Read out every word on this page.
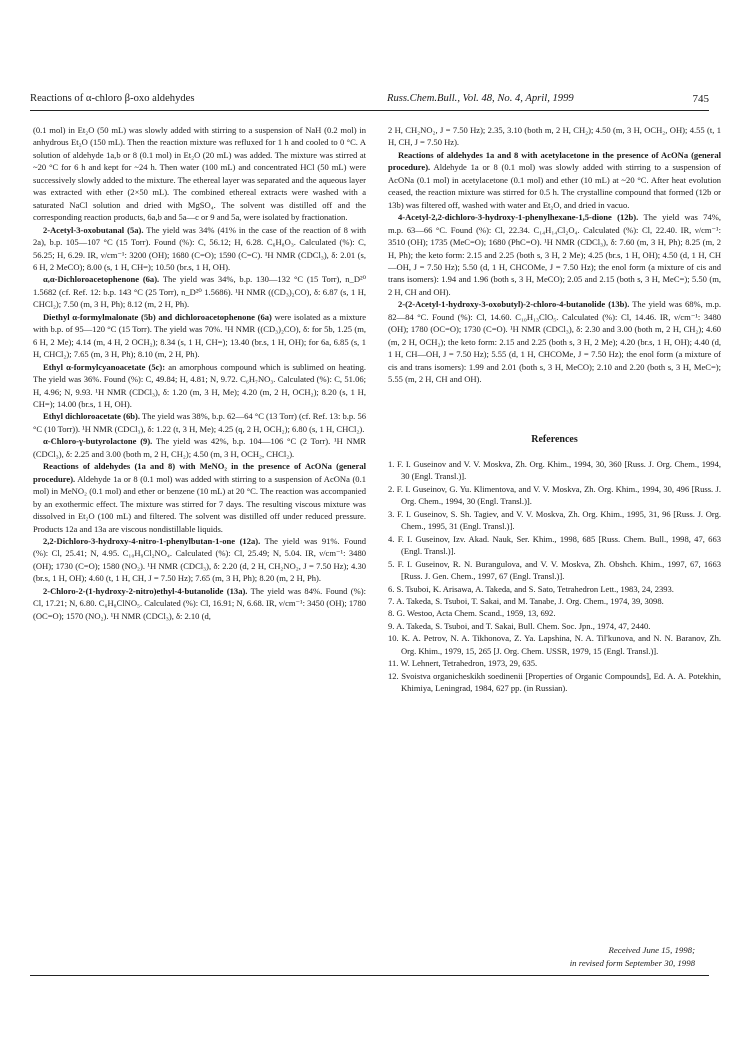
Reactions of α-chloro β-oxo aldehydes	Russ.Chem.Bull., Vol. 48, No. 4, April, 1999	745

(0.1 mol) in Et₂O (50 mL) was slowly added with stirring to a suspension of NaH (0.2 mol) in anhydrous Et₂O (150 mL). Then the reaction mixture was refluxed for 1 h and cooled to 0 °C. A solution of aldehyde 1a,b or 8 (0.1 mol) in Et₂O (20 mL) was added. The mixture was stirred at ~20 °C for 6 h and kept for ~24 h. Then water (100 mL) and concentrated HCl (50 mL) were successively slowly added to the mixture. The ethereal layer was separated and the aqueous layer was extracted with ether (2×50 mL). The combined ethereal extracts were washed with a saturated NaCl solution and dried with MgSO₄. The solvent was distilled off and the corresponding reaction products, 6a,b and 5a—c or 9 and 5a, were isolated by fractionation.

2-Acetyl-3-oxobutanal (5a). The yield was 34% (41% in the case of the reaction of 8 with 2a), b.p. 105—107 °C (15 Torr). Found (%): C, 56.12; H, 6.28. C₆H₈O₃. Calculated (%): C, 56.25; H, 6.29. IR, ν/cm⁻¹: 3200 (OH); 1680 (C=O); 1590 (C=C). ¹H NMR (CDCl₃), δ: 2.01 (s, 6 H, 2 MeCO); 8.00 (s, 1 H, CH=); 10.50 (br.s, 1 H, OH).

α,α-Dichloroacetophenone (6a). The yield was 34%, b.p. 130—132 °C (15 Torr), n_D²⁰ 1.5682 (cf. Ref. 12: b.p. 143 °C (25 Torr), n_D²⁰ 1.5686). ¹H NMR ((CD₃)₂CO), δ: 6.87 (s, 1 H, CHCl₂); 7.50 (m, 3 H, Ph); 8.12 (m, 2 H, Ph).

Diethyl α-formylmalonate (5b) and dichloroacetophenone (6a) were isolated as a mixture with b.p. of 95—120 °C (15 Torr). The yield was 70%. ¹H NMR ((CD₃)₂CO), δ: for 5b, 1.25 (m, 6 H, 2 Me); 4.14 (m, 4 H, 2 OCH₂); 8.34 (s, 1 H, CH=); 13.40 (br.s, 1 H, OH); for 6a, 6.85 (s, 1 H, CHCl₂); 7.65 (m, 3 H, Ph); 8.10 (m, 2 H, Ph).

Ethyl α-formylcyanoacetate (5c): an amorphous compound which is sublimed on heating. The yield was 36%. Found (%): C, 49.84; H, 4.81; N, 9.72. C₆H₇NO₃. Calculated (%): C, 51.06; H, 4.96; N, 9.93. ¹H NMR (CDCl₃), δ: 1.20 (m, 3 H, Me); 4.20 (m, 2 H, OCH₂); 8.20 (s, 1 H, CH=); 14.00 (br.s, 1 H, OH).

Ethyl dichloroacetate (6b). The yield was 38%, b.p. 62—64 °C (13 Torr) (cf. Ref. 13: b.p. 56 °C (10 Torr)). ¹H NMR (CDCl₃), δ: 1.22 (t, 3 H, Me); 4.25 (q, 2 H, OCH₂); 6.80 (s, 1 H, CHCl₂).

α-Chloro-γ-butyrolactone (9). The yield was 42%, b.p. 104—106 °C (2 Torr). ¹H NMR (CDCl₃), δ: 2.25 and 3.00 (both m, 2 H, CH₂); 4.50 (m, 3 H, OCH₂, CHCl₂).

Reactions of aldehydes (1a and 8) with MeNO₂ in the presence of AcONa (general procedure). Aldehyde 1a or 8 (0.1 mol) was added with stirring to a suspension of AcONa (0.1 mol) in MeNO₂ (0.1 mol) and ether or benzene (10 mL) at 20 °C. The reaction was accompanied by an exothermic effect. The mixture was stirred for 7 days. The resulting viscous mixture was dissolved in Et₂O (100 mL) and filtered. The solvent was distilled off under reduced pressure. Products 12a and 13a are viscous nondistillable liquids.

2,2-Dichloro-3-hydroxy-4-nitro-1-phenylbutan-1-one (12a). The yield was 91%. Found (%): Cl, 25.41; N, 4.95. C₁₀H₉Cl₂NO₄. Calculated (%): Cl, 25.49; N, 5.04. IR, ν/cm⁻¹: 3480 (OH); 1730 (C=O); 1580 (NO₂). ¹H NMR (CDCl₃), δ: 2.20 (d, 2 H, CH₂NO₂, J = 7.50 Hz); 4.30 (br.s, 1 H, OH); 4.60 (t, 1 H, CH, J = 7.50 Hz); 7.65 (m, 3 H, Ph); 8.20 (m, 2 H, Ph).

2-Chloro-2-(1-hydroxy-2-nitro)ethyl-4-butanolide (13a). The yield was 84%. Found (%): Cl, 17.21; N, 6.80. C₆H₈ClNO₅. Calculated (%): Cl, 16.91; N, 6.68. IR, ν/cm⁻¹: 3450 (OH); 1780 (OC=O); 1570 (NO₂). ¹H NMR (CDCl₃), δ: 2.10 (d,

2 H, CH₂NO₂, J = 7.50 Hz); 2.35, 3.10 (both m, 2 H, CH₂); 4.50 (m, 3 H, OCH₂, OH); 4.55 (t, 1 H, CH, J = 7.50 Hz).

Reactions of aldehydes 1a and 8 with acetylacetone in the presence of AcONa (general procedure). Aldehyde 1a or 8 (0.1 mol) was slowly added with stirring to a suspension of AcONa (0.1 mol) in acetylacetone (0.1 mol) and ether (10 mL) at ~20 °C. After heat evolution ceased, the reaction mixture was stirred for 0.5 h. The crystalline compound that formed (12b or 13b) was filtered off, washed with water and Et₂O, and dried in vacuo.

4-Acetyl-2,2-dichloro-3-hydroxy-1-phenylhexane-1,5-dione (12b). The yield was 74%, m.p. 63—66 °C. Found (%): Cl, 22.34. C₁₄H₁₄Cl₂O₄. Calculated (%): Cl, 22.40. IR, ν/cm⁻¹: 3510 (OH); 1735 (MeC=O); 1680 (PhC=O). ¹H NMR (CDCl₃), δ: 7.60 (m, 3 H, Ph); 8.25 (m, 2 H, Ph); the keto form: 2.15 and 2.25 (both s, 3 H, 2 Me); 4.25 (br.s, 1 H, OH); 4.50 (d, 1 H, CH—OH, J = 7.50 Hz); 5.50 (d, 1 H, CHCOMe, J = 7.50 Hz); the enol form (a mixture of cis and trans isomers): 1.94 and 1.96 (both s, 3 H, MeCO); 2.05 and 2.15 (both s, 3 H, MeC=); 5.50 (m, 2 H, CH and OH).

2-(2-Acetyl-1-hydroxy-3-oxobutyl)-2-chloro-4-butanolide (13b). The yield was 68%, m.p. 82—84 °C. Found (%): Cl, 14.60. C₁₀H₁₃ClO₅. Calculated (%): Cl, 14.46. IR, ν/cm⁻¹: 3480 (OH); 1780 (OC=O); 1730 (C=O). ¹H NMR (CDCl₃), δ: 2.30 and 3.00 (both m, 2 H, CH₂); 4.60 (m, 2 H, OCH₂); the keto form: 2.15 and 2.25 (both s, 3 H, 2 Me); 4.20 (br.s, 1 H, OH); 4.40 (d, 1 H, CH—OH, J = 7.50 Hz); 5.55 (d, 1 H, CHCOMe, J = 7.50 Hz); the enol form (a mixture of cis and trans isomers): 1.99 and 2.01 (both s, 3 H, MeCO); 2.10 and 2.20 (both s, 3 H, MeC=); 5.55 (m, 2 H, CH and OH).

References

1. F. I. Guseinov and V. V. Moskva, Zh. Org. Khim., 1994, 30, 360 [Russ. J. Org. Chem., 1994, 30 (Engl. Transl.)].

2. F. I. Guseinov, G. Yu. Klimentova, and V. V. Moskva, Zh. Org. Khim., 1994, 30, 496 [Russ. J. Org. Chem., 1994, 30 (Engl. Transl.)].

3. F. I. Guseinov, S. Sh. Tagiev, and V. V. Moskva, Zh. Org. Khim., 1995, 31, 96 [Russ. J. Org. Chem., 1995, 31 (Engl. Transl.)].

4. F. I. Guseinov, Izv. Akad. Nauk, Ser. Khim., 1998, 685 [Russ. Chem. Bull., 1998, 47, 663 (Engl. Transl.)].

5. F. I. Guseinov, R. N. Burangulova, and V. V. Moskva, Zh. Obshch. Khim., 1997, 67, 1663 [Russ. J. Gen. Chem., 1997, 67 (Engl. Transl.)].

6. S. Tsuboi, K. Arisawa, A. Takeda, and S. Sato, Tetrahedron Lett., 1983, 24, 2393.

7. A. Takeda, S. Tsuboi, T. Sakai, and M. Tanabe, J. Org. Chem., 1974, 39, 3098.

8. G. Westoo, Acta Chem. Scand., 1959, 13, 692.

9. A. Takeda, S. Tsuboi, and T. Sakai, Bull. Chem. Soc. Jpn., 1974, 47, 2440.

10. K. A. Petrov, N. A. Tikhonova, Z. Ya. Lapshina, N. A. Til'kunova, and N. N. Baranov, Zh. Org. Khim., 1979, 15, 265 [J. Org. Chem. USSR, 1979, 15 (Engl. Transl.)].

11. W. Lehnert, Tetrahedron, 1973, 29, 635.

12. Svoistva organicheskikh soedinenii [Properties of Organic Compounds], Ed. A. A. Potekhin, Khimiya, Leningrad, 1984, 627 pp. (in Russian).

Received June 15, 1998;
in revised form September 30, 1998
